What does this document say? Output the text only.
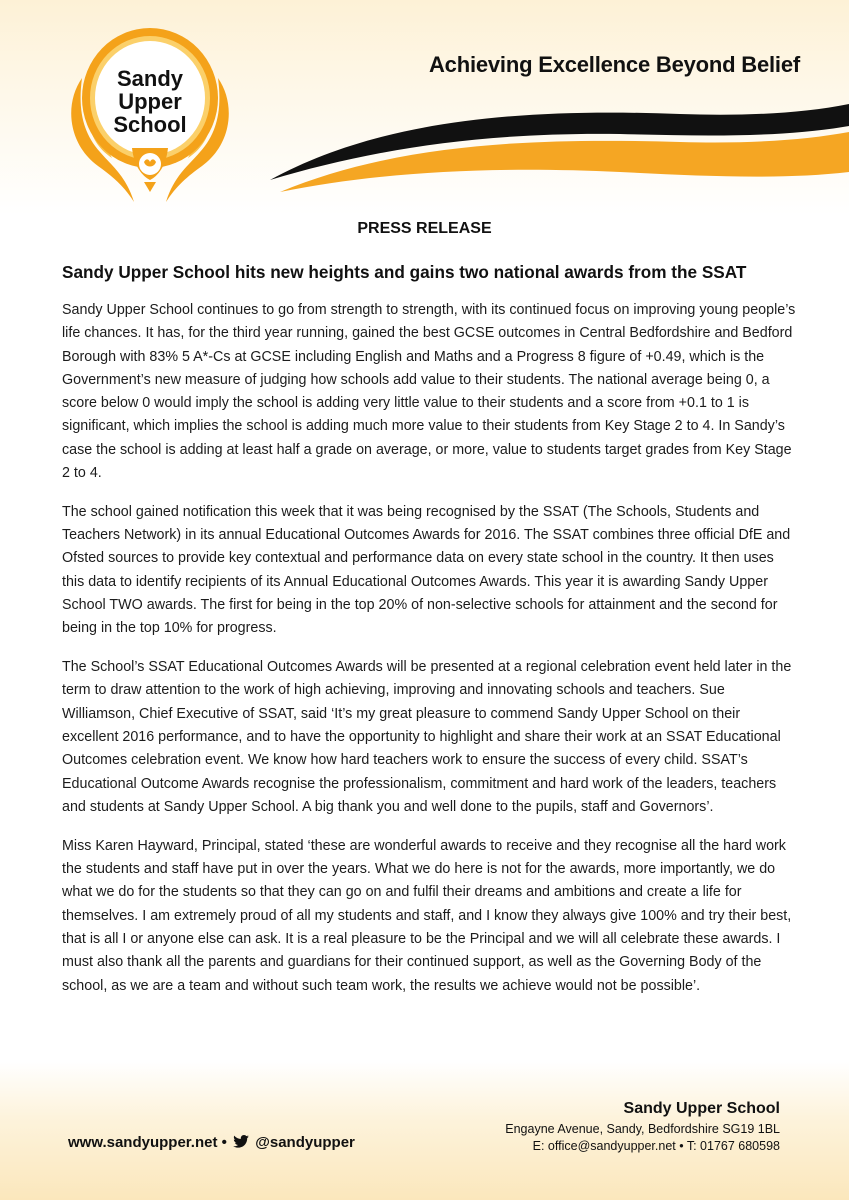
Sandy
Upper
School
Achieving Excellence Beyond Belief
PRESS RELEASE
Sandy Upper School hits new heights and gains two national awards from the SSAT

Sandy Upper School continues to go from strength to strength, with its continued focus on improving young people’s life chances. It has, for the third year running, gained the best GCSE outcomes in Central Bedfordshire and Bedford Borough with 83% 5 A*-Cs at GCSE including English and Maths and a Progress 8 figure of +0.49, which is the Government’s new measure of judging how schools add value to their students. The national average being 0, a score below 0 would imply the school is adding very little value to their students and a score from +0.1 to 1 is significant, which implies the school is adding much more value to their students from Key Stage 2 to 4. In Sandy’s case the school is adding at least half a grade on average, or more, value to students target grades from Key Stage 2 to 4.

The school gained notification this week that it was being recognised by the SSAT (The Schools, Students and Teachers Network) in its annual Educational Outcomes Awards for 2016. The SSAT combines three official DfE and Ofsted sources to provide key contextual and performance data on every state school in the country. It then uses this data to identify recipients of its Annual Educational Outcomes Awards. This year it is awarding Sandy Upper School TWO awards. The first for being in the top 20% of non-selective schools for attainment and the second for being in the top 10% for progress.

The School’s SSAT Educational Outcomes Awards will be presented at a regional celebration event held later in the term to draw attention to the work of high achieving, improving and innovating schools and teachers. Sue Williamson, Chief Executive of SSAT, said ‘It’s my great pleasure to commend Sandy Upper School on their excellent 2016 performance, and to have the opportunity to highlight and share their work at an SSAT Educational Outcomes celebration event. We know how hard teachers work to ensure the success of every child. SSAT’s Educational Outcome Awards recognise the professionalism, commitment and hard work of the leaders, teachers and students at Sandy Upper School. A big thank you and well done to the pupils, staff and Governors’.

Miss Karen Hayward, Principal, stated ‘these are wonderful awards to receive and they recognise all the hard work the students and staff have put in over the years. What we do here is not for the awards, more importantly, we do what we do for the students so that they can go on and fulfil their dreams and ambitions and create a life for themselves. I am extremely proud of all my students and staff, and I know they always give 100% and try their best, that is all I or anyone else can ask. It is a real pleasure to be the Principal and we will all celebrate these awards. I must also thank all the parents and guardians for their continued support, as well as the Governing Body of the school, as we are a team and without such team work, the results we achieve would not be possible’.

www.sandyupper.net • @sandyupper
Sandy Upper School
Engayne Avenue, Sandy, Bedfordshire SG19 1BL
E: office@sandyupper.net • T: 01767 680598
